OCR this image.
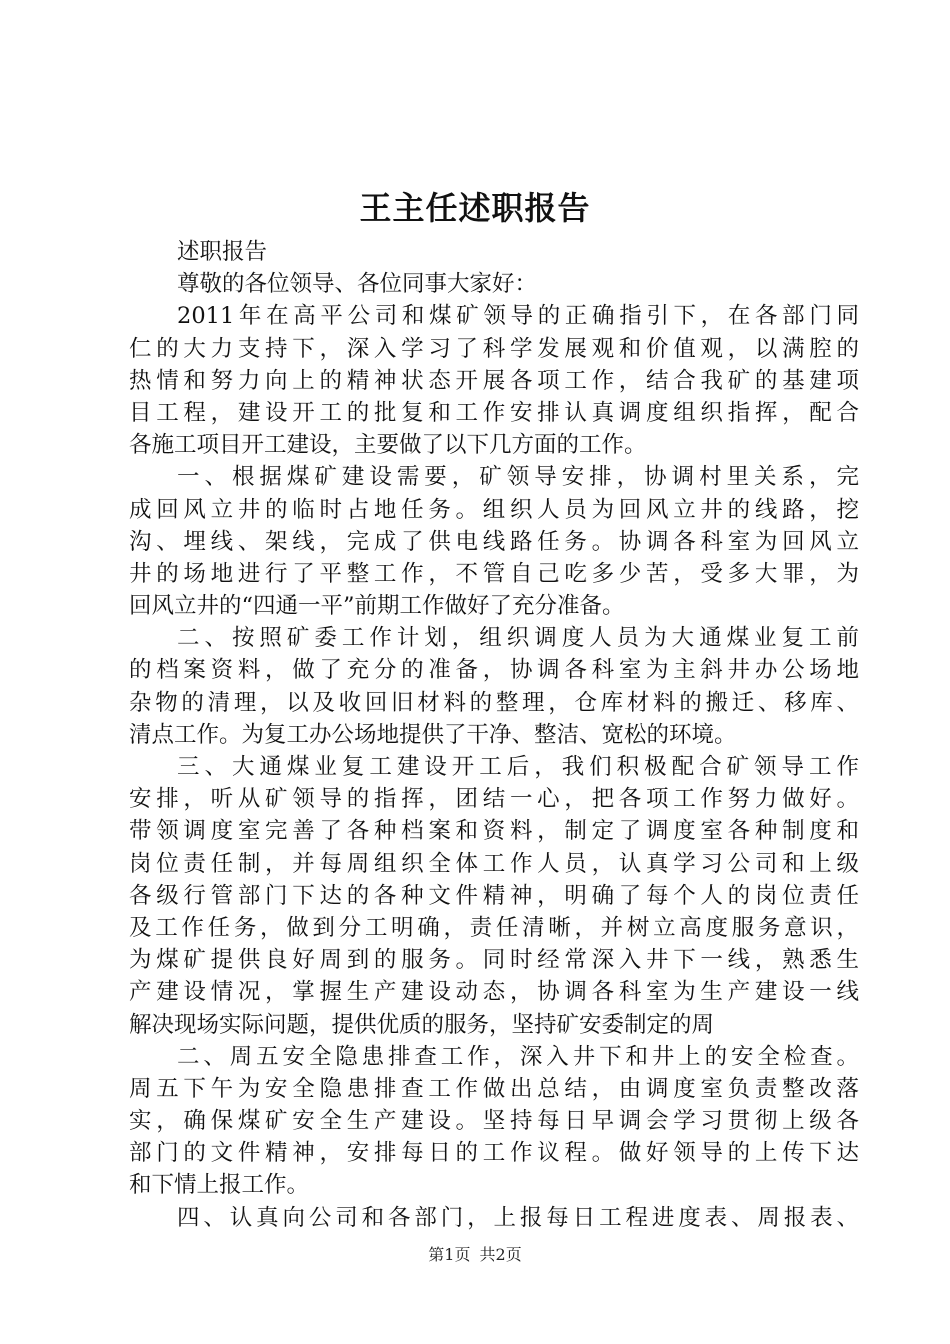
王主任述职报告
述职报告
尊敬的各位领导、各位同事大家好：
2011年在高平公司和煤矿领导的正确指引下，在各部门同
仁的大力支持下，深入学习了科学发展观和价值观，以满腔的
热情和努力向上的精神状态开展各项工作，结合我矿的基建项
目工程，建设开工的批复和工作安排认真调度组织指挥，配合
各施工项目开工建设，主要做了以下几方面的工作。
一、根据煤矿建设需要，矿领导安排，协调村里关系，完
成回风立井的临时占地任务。组织人员为回风立井的线路，挖
沟、埋线、架线，完成了供电线路任务。协调各科室为回风立
井的场地进行了平整工作，不管自己吃多少苦，受多大罪，为
回风立井的“四通一平”前期工作做好了充分准备。
二、按照矿委工作计划，组织调度人员为大通煤业复工前
的档案资料，做了充分的准备，协调各科室为主斜井办公场地
杂物的清理，以及收回旧材料的整理，仓库材料的搬迁、移库、
清点工作。为复工办公场地提供了干净、整洁、宽松的环境。
三、大通煤业复工建设开工后，我们积极配合矿领导工作
安排，听从矿领导的指挥，团结一心，把各项工作努力做好。
带领调度室完善了各种档案和资料，制定了调度室各种制度和
岗位责任制，并每周组织全体工作人员，认真学习公司和上级
各级行管部门下达的各种文件精神，明确了每个人的岗位责任
及工作任务，做到分工明确，责任清晰，并树立高度服务意识，
为煤矿提供良好周到的服务。同时经常深入井下一线，熟悉生
产建设情况，掌握生产建设动态，协调各科室为生产建设一线
解决现场实际问题，提供优质的服务，坚持矿安委制定的周
二、周五安全隐患排查工作，深入井下和井上的安全检查。
周五下午为安全隐患排查工作做出总结，由调度室负责整改落
实，确保煤矿安全生产建设。坚持每日早调会学习贯彻上级各
部门的文件精神，安排每日的工作议程。做好领导的上传下达
和下情上报工作。
四、认真向公司和各部门，上报每日工程进度表、周报表、
第1页 共2页
